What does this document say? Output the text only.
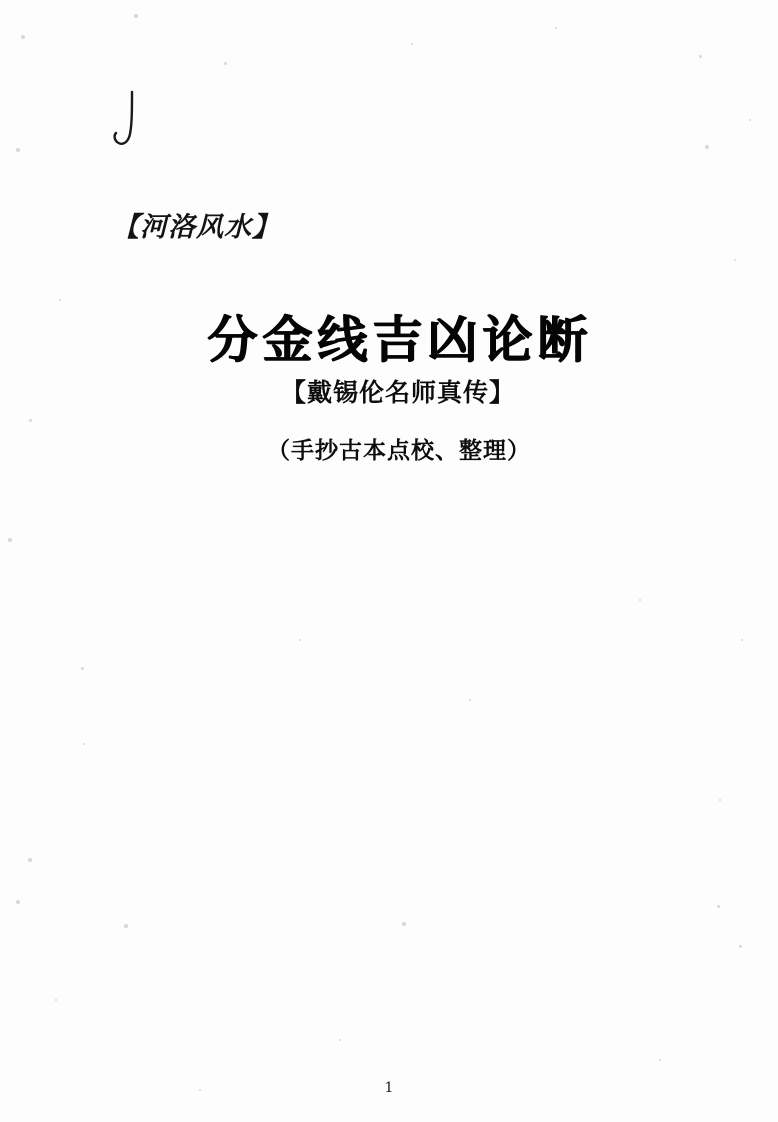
【河洛风水】
分金线吉凶论断
【戴锡伦名师真传】
（手抄古本点校、整理）
1
